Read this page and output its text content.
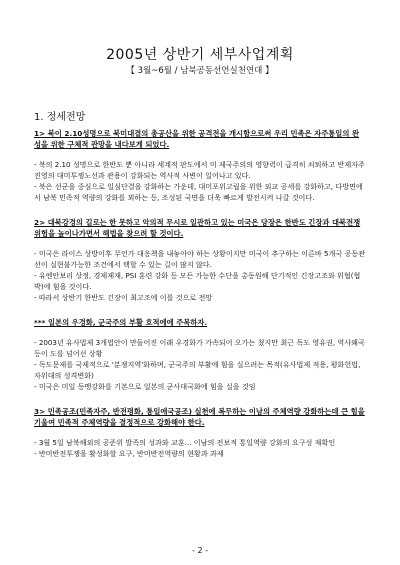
2005년 상반기 세부사업계획
【 3월~6월 / 남북공동선언실천연대 】
1. 정세전망
1> 북이 2.10성명으로 북미대결의 총공산을 위한 공격전을 개시함으로써 우리 민족은 자주통일의 완성을 위한 구체적 관망을 내다보게 되었다.
- 북의 2.10 성명으로 한반도 뿐 아니라 세계적 판도에서 미 제국주의의 영향력이 급격히 쇠퇴하고 반제자주진영의 대미투쟁노선과 관용이 강화되는 역사적 사변이 일어나고 있다.
- 북은 선군을 중심으로 일심단결을 강화하는 가운데, 대미포위고립을 위한 외교 공세를 강화하고, 다방면에서 남북 민족적 역량의 강화를 꾀하는 등, 조성된 국면을 더욱 빠르게 발전시켜 나갈 것이다.
2> 대북강경의 길로는 한 못하고 악의적 무시로 일관하고 있는 미국은 당장은 한반도 긴장과 대북전쟁위험을 높이나가면서 해법을 찾으려 할 것이다.
- 미국은 라이스 상방이후 무언가 대응책을 내놓아야 하는 상황이지만 미국이 추구하는 이른바 5개국 공동관선이 실현불가능한 조건에서 택할 수 있는 길이 많지 않다.
- 유엔안보리 상정, 경제제재, PSI 훈련 강화 등 모든 가능한 수단을 총동원해 단기적인 긴장고조와 위협(협박)에 힘을 것이다.
- 따라서 상반기 한반도 긴장이 최고조에 이를 것으로 전망
*** 일본의 우경화, 군국주의 부활 흐적에에 주목하자.
- 2003년 유사법제 3개법안이 만들어진 이래 우경화가 가속되어 오가는 쳤지만 최근 독도 영유권, 역사왜곡 등이 도를 넘어선 상황
- 독도문제를 국제적으로 '분쟁지역'화하며, 군국주의 부활에 힘을 실으려는 목적(유사법제 적용, 평화헌법, 자위대의 성격변화)
- 미국은 미일 동맹강화를 기본으로 일본의 군사대국화에 힘을 실을 것임
3> 민족공조(민족자주, 반전평화, 통일애국공조) 실천에 복무하는 이남의 주체역량 강화하는데 큰 힘을 기울여 민족적 주체역량을 결정적으로 강화해야 한다.
- 3월 5일 남북해외의 공준위 발족의 성과와 교훈... 이남의 전보적 통일역량 강화의 요구성 재확인
- 반미반전투쟁을 활성화할 요구, 반미반전역량의 현황과 과제
- 2 -
